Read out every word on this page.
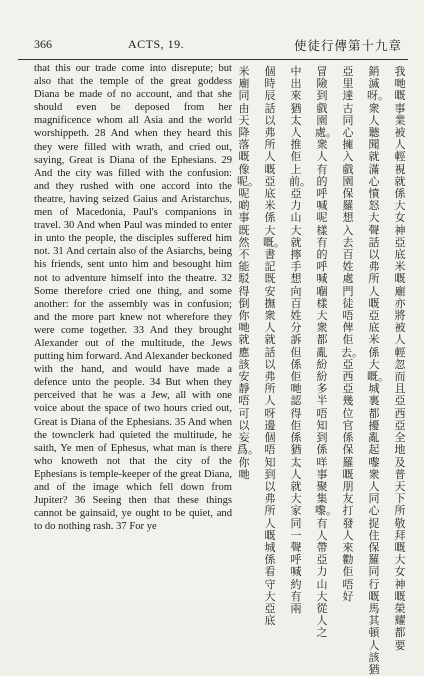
366	ACTS, 19.	使徒行傳第十九章

that this our trade come into disrepute; but also that the temple of the great goddess Diana be made of no account, and that she should even be deposed from her magnificence whom all Asia and the world worshippeth. 28 And when they heard this they were filled with wrath, and cried out, saying, Great is Diana of the Ephesians. 29 And the city was filled with the confusion: and they rushed with one accord into the theatre, having seized Gaius and Aristarchus, men of Macedonia, Paul's companions in travel. 30 And when Paul was minded to enter in unto the people, the disciples suffered him not. 31 And certain also of the Asiarchs, being his friends, sent unto him and besought him not to adventure himself into the theatre. 32 Some therefore cried one thing, and some another: for the assembly was in confusion; and the more part knew not wherefore they were come together. 33 And they brought Alexander out of the multitude, the Jews putting him forward. And Alexander beckoned with the hand, and would have made a defence unto the people. 34 But when they perceived that he was a Jew, all with one voice about the space of two hours cried out, Great is Diana of the Ephesians. 35 And when the townclerk had quieted the multitude, he saith, Ye men of Ephesus, what man is there who knoweth not that the city of the Ephesians is temple-keeper of the great Diana, and of the image which fell down from Jupiter? 36 Seeing then that these things cannot be gainsaid, ye ought to be quiet, and to do nothing rash. 37 For ye

我哋嘅事業被人輕視就係大女神亞底米嘅廟亦將被人輕忽而且亞西亞全地及普天下所敬拜嘅大女神嘅榮耀都要
銷滅呀。衆人聽聞就滿心憤怒大聲話以弗所人嘅亞底米係大嘅。城裏都擾亂起嚟衆人同心捉住保羅同行嘅馬其頓人該猶
亞里達古同心擁入戲園保羅想入去百姓處門徒唔俾佢去。亞西亞幾位官係保羅嘅朋友打發人來勸佢唔好
冒險到戲園處。衆人有的呼喊呢樣有的呼喊嗰樣大衆都亂紛紛多半唔知到係咩事聚集嚟。有人帶亞力山大從人之
中出來猶太人推佢上前。亞力山大就擰手想向百姓分訴但係佢哋認得佢係猶太人就大家同一聲呼喊約有兩
個時辰話以弗所人嘅亞底米係大嘅。書記既安撫衆人就話以弗所人呀邊個唔知到以弗所人嘅城係看守大亞底
米廟同由天降落嘅像呢。呢啲事既然不能駁得倒你哋就應該安靜唔可以妄爲。你哋
